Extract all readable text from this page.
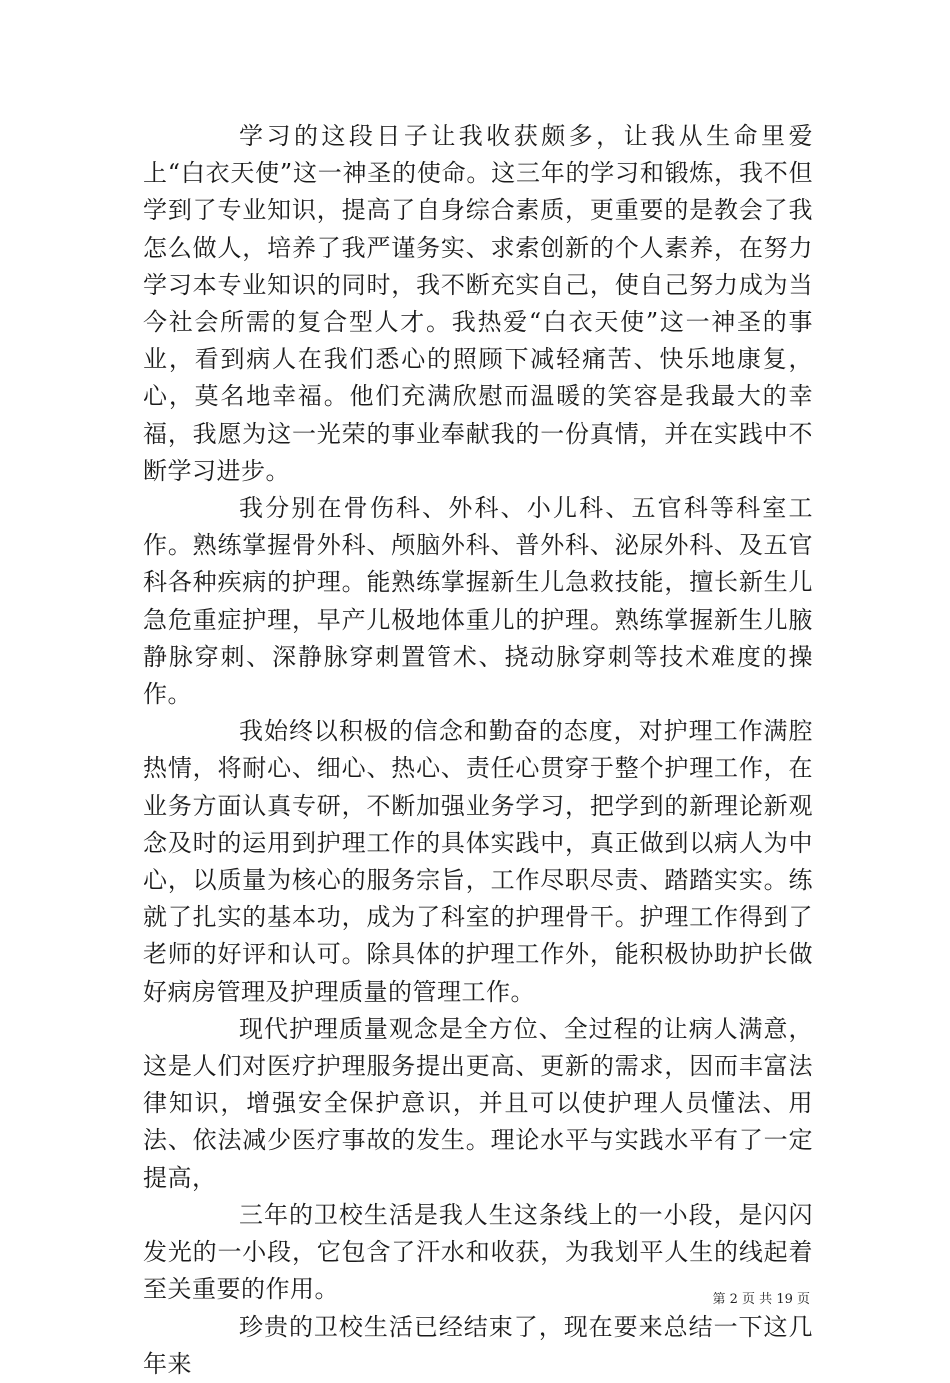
学习的这段日子让我收获颇多，让我从生命里爱上“白衣天使”这一神圣的使命。这三年的学习和锻炼，我不但学到了专业知识，提高了自身综合素质，更重要的是教会了我怎么做人，培养了我严谨务实、求索创新的个人素养，在努力学习本专业知识的同时，我不断充实自己，使自己努力成为当今社会所需的复合型人才。我热爱“白衣天使”这一神圣的事业，看到病人在我们悉心的照顾下减轻痛苦、快乐地康复，心，莫名地幸福。他们充满欣慰而温暖的笑容是我最大的幸福，我愿为这一光荣的事业奉献我的一份真情，并在实践中不断学习进步。

我分别在骨伤科、外科、小儿科、五官科等科室工作。熟练掌握骨外科、颅脑外科、普外科、泌尿外科、及五官科各种疾病的护理。能熟练掌握新生儿急救技能，擅长新生儿急危重症护理，早产儿极地体重儿的护理。熟练掌握新生儿腋静脉穿刺、深静脉穿刺置管术、挠动脉穿刺等技术难度的操作。

我始终以积极的信念和勤奋的态度，对护理工作满腔热情，将耐心、细心、热心、责任心贯穿于整个护理工作，在业务方面认真专研，不断加强业务学习，把学到的新理论新观念及时的运用到护理工作的具体实践中，真正做到以病人为中心，以质量为核心的服务宗旨，工作尽职尽责、踏踏实实。练就了扎实的基本功，成为了科室的护理骨干。护理工作得到了老师的好评和认可。除具体的护理工作外，能积极协助护长做好病房管理及护理质量的管理工作。

现代护理质量观念是全方位、全过程的让病人满意，这是人们对医疗护理服务提出更高、更新的需求，因而丰富法律知识，增强安全保护意识，并且可以使护理人员懂法、用法、依法减少医疗事故的发生。理论水平与实践水平有了一定提高，

三年的卫校生活是我人生这条线上的一小段，是闪闪发光的一小段，它包含了汗水和收获，为我划平人生的线起着至关重要的作用。

珍贵的卫校生活已经结束了，现在要来总结一下这几年来

第 2 页 共 19 页
